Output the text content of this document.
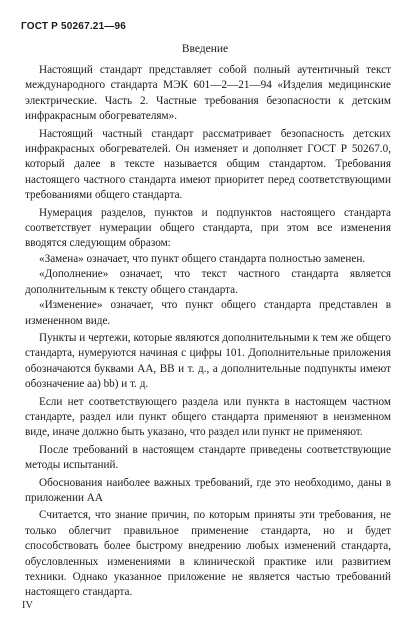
ГОСТ Р 50267.21—96
Введение

Настоящий стандарт представляет собой полный аутентичный текст международного стандарта МЭК 601—2—21—94 «Изделия медицинские электрические. Часть 2. Частные требования безопасности к детским инфракрасным обогревателям».

Настоящий частный стандарт рассматривает безопасность детских инфракрасных обогревателей. Он изменяет и дополняет ГОСТ Р 50267.0, который далее в тексте называется общим стандартом. Требования настоящего частного стандарта имеют приоритет перед соответствующими требованиями общего стандарта.

Нумерация разделов, пунктов и подпунктов настоящего стандарта соответствует нумерации общего стандарта, при этом все изменения вводятся следующим образом:

«Замена» означает, что пункт общего стандарта полностью заменен.

«Дополнение» означает, что текст частного стандарта является дополнительным к тексту общего стандарта.

«Изменение» означает, что пункт общего стандарта представлен в измененном виде.

Пункты и чертежи, которые являются дополнительными к тем же общего стандарта, нумеруются начиная с цифры 101. Дополнительные приложения обозначаются буквами АА, ВВ и т. д., а дополнительные подпункты имеют обозначение аа) bb) и т. д.

Если нет соответствующего раздела или пункта в настоящем частном стандарте, раздел или пункт общего стандарта применяют в неизменном виде, иначе должно быть указано, что раздел или пункт не применяют.

После требований в настоящем стандарте приведены соответствующие методы испытаний.

Обоснования наиболее важных требований, где это необходимо, даны в приложении АА

Считается, что знание причин, по которым приняты эти требования, не только облегчит правильное применение стандарта, но и будет способствовать более быстрому внедрению любых изменений стандарта, обусловленных изменениями в клинической практике или развитием техники. Однако указанное приложение не является частью требований настоящего стандарта.

IV
